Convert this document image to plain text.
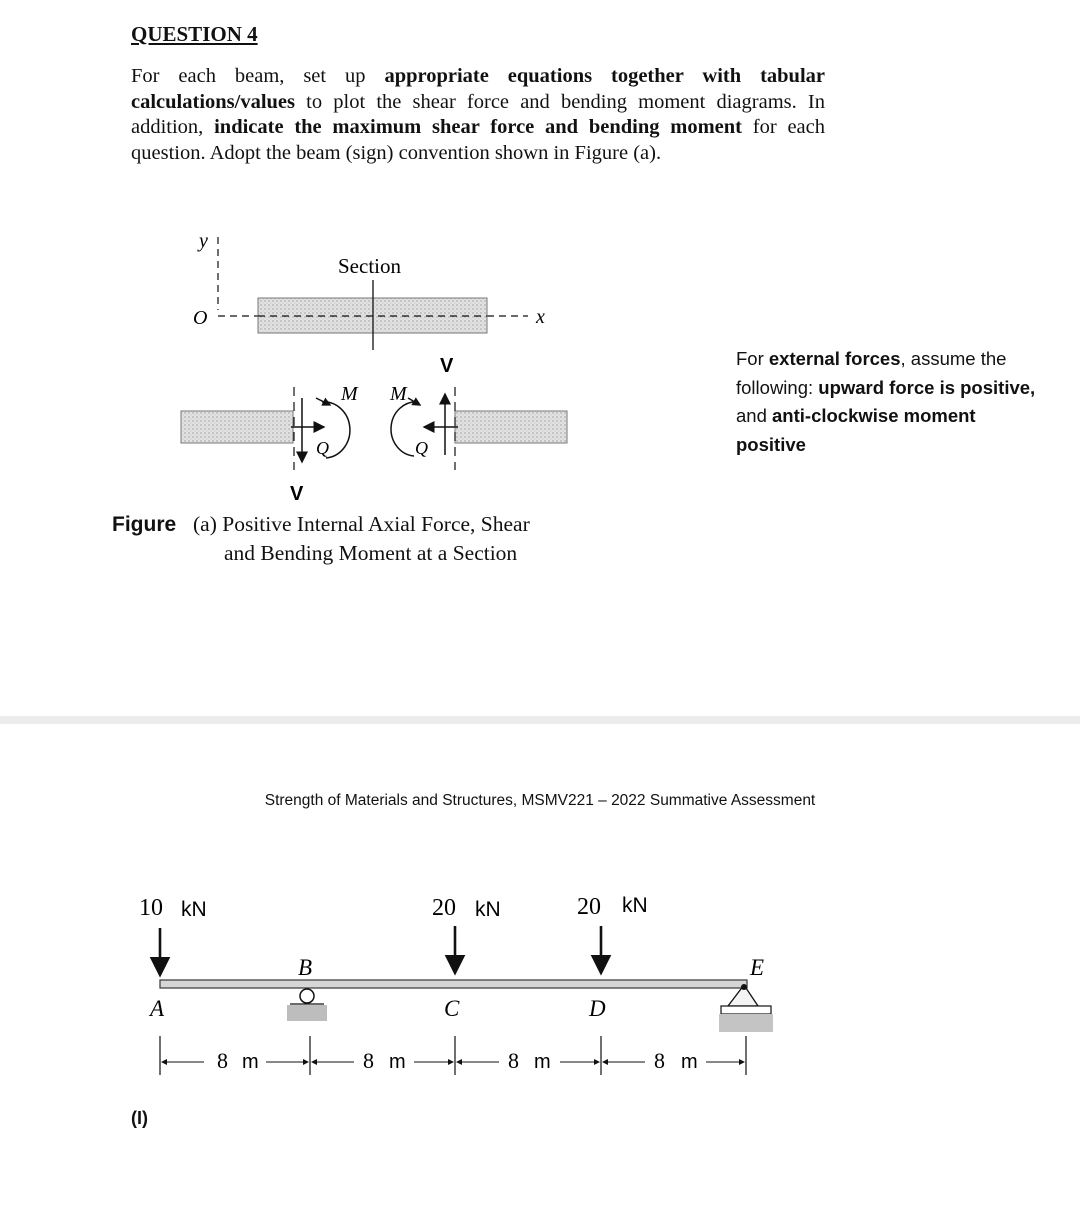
QUESTION 4
For each beam, set up appropriate equations together with tabular calculations/values to plot the shear force and bending moment diagrams. In addition, indicate the maximum shear force and bending moment for each question. Adopt the beam (sign) convention shown in Figure (a).
y
O	x
Section
V
V
M M
Q	Q
10 kN	20 kN	20 kN
A
B
C	D
E
8 m	8 m	8 m	8 m
For external forces, assume the following: upward force is positive, and anti-clockwise moment positive
Figure (a) Positive Internal Axial Force, Shear
and Bending Moment at a Section
Strength of Materials and Structures, MSMV221 – 2022 Summative Assessment
(I)
